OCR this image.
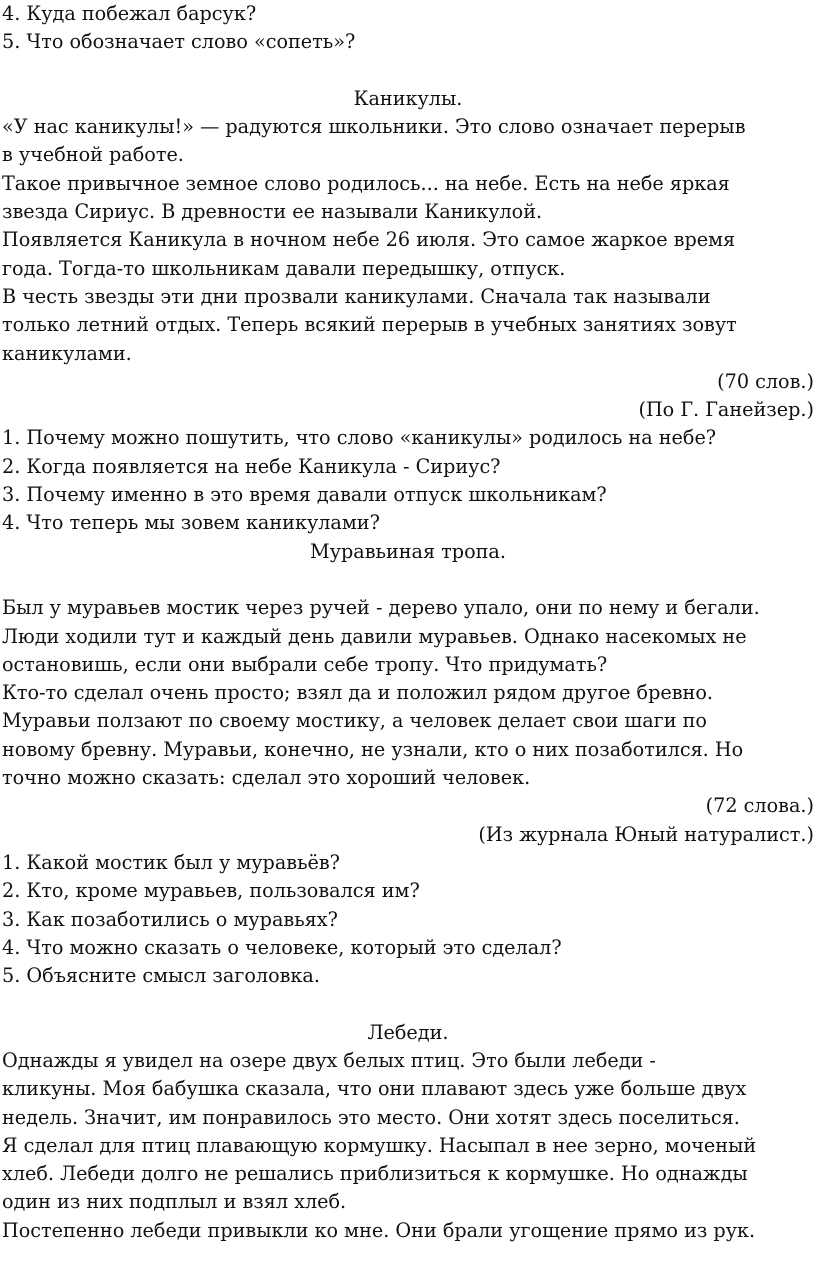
4. Куда побежал барсук?
5. Что обозначает слово «сопеть»?
Каникулы.
«У нас каникулы!» — радуются школьники. Это слово означает перерыв
в учебной работе.
Такое привычное земное слово родилось... на небе. Есть на небе яркая
звезда Сириус. В древности ее называли Каникулой.
Появляется Каникула в ночном небе 26 июля. Это самое жаркое время
года. Тогда-то школьникам давали передышку, отпуск.
В честь звезды эти дни прозвали каникулами. Сначала так называли
только летний отдых. Теперь всякий перерыв в учебных занятиях зовут
каникулами.
(70 слов.)
(По Г. Ганейзер.)
1. Почему можно пошутить, что слово «каникулы» родилось на небе?
2. Когда появляется на небе Каникула - Сириус?
3. Почему именно в это время давали отпуск школьникам?
4. Что теперь мы зовем каникулами?
Муравьиная тропа.
Был у муравьев мостик через ручей - дерево упало, они по нему и бегали.
Люди ходили тут и каждый день давили муравьев. Однако насекомых не
остановишь, если они выбрали себе тропу. Что придумать?
Кто-то сделал очень просто; взял да и положил рядом другое бревно.
Муравьи ползают по своему мостику, а человек делает свои шаги по
новому бревну. Муравьи, конечно, не узнали, кто о них позаботился. Но
точно можно сказать: сделал это хороший человек.
(72 слова.)
(Из журнала Юный натуралист.)
1. Какой мостик был у муравьёв?
2. Кто, кроме муравьев, пользовался им?
3. Как позаботились о муравьях?
4. Что можно сказать о человеке, который это сделал?
5. Объясните смысл заголовка.
Лебеди.
Однажды я увидел на озере двух белых птиц. Это были лебеди -
кликуны. Моя бабушка сказала, что они плавают здесь уже больше двух
недель. Значит, им понравилось это место. Они хотят здесь поселиться.
Я сделал для птиц плавающую кормушку. Насыпал в нее зерно, моченый
хлеб. Лебеди долго не решались приблизиться к кормушке. Но однажды
один из них подплыл и взял хлеб.
Постепенно лебеди привыкли ко мне. Они брали угощение прямо из рук.
